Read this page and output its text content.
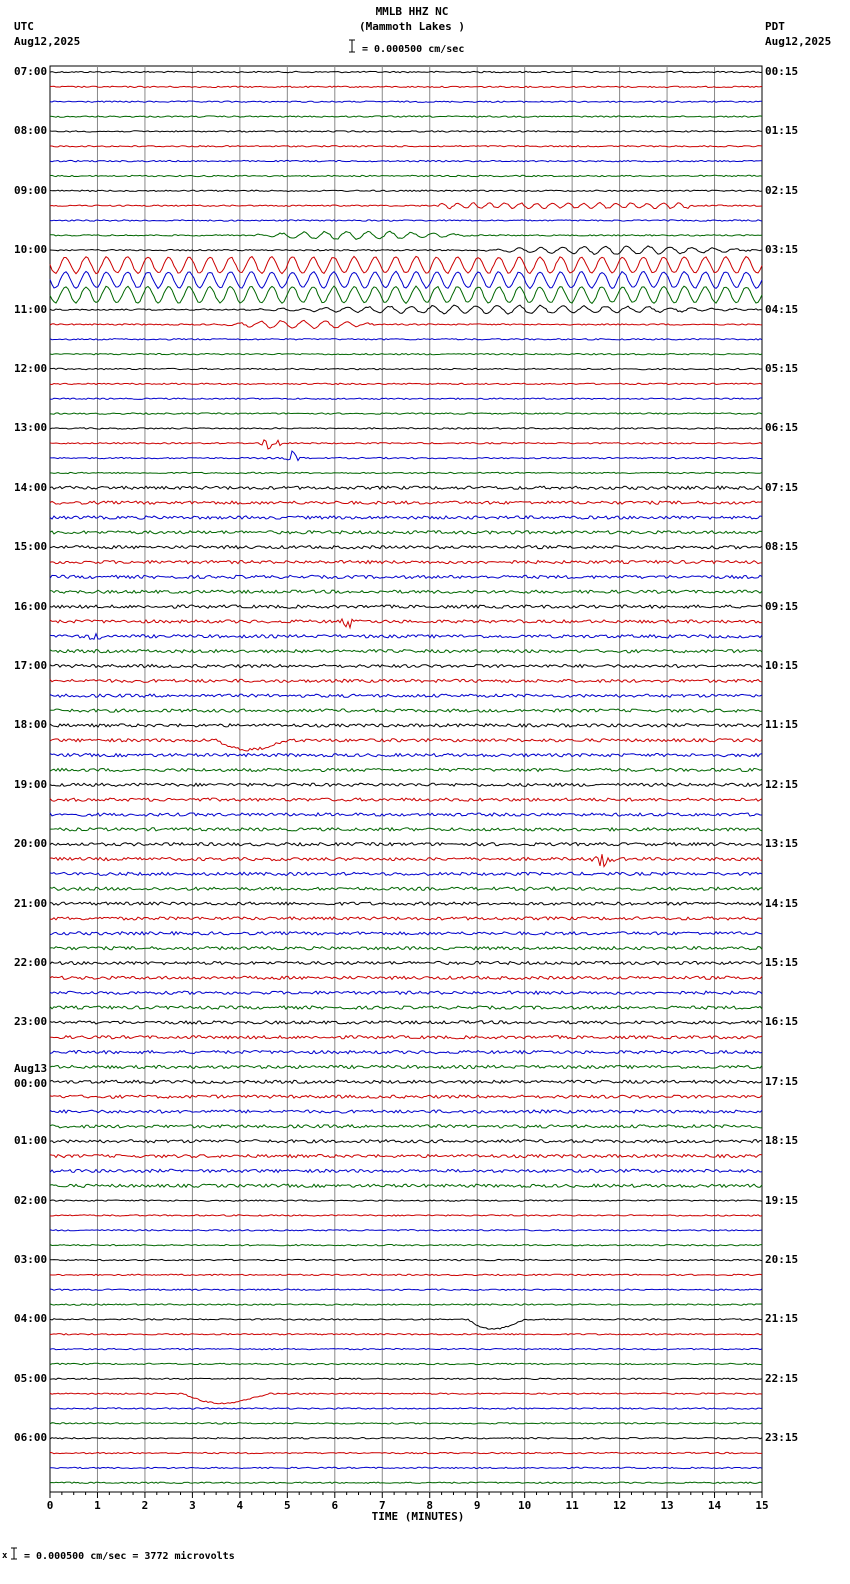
0	1	2	3	4	5	6	7	8	9	10	11	12	13	14	15
MMLB HHZ NC
(Mammoth Lakes )
= 0.000500 cm/sec
UTC
Aug12,2025
PDT
Aug12,2025
07:00
08:00
09:00
10:00
11:00
12:00
13:00
14:00
15:00
16:00
17:00
18:00
19:00
20:00
21:00
22:00
23:00
00:00
01:00
02:00
03:00
04:00
05:00
06:00
00:15
01:15
02:15
03:15
04:15
05:15
06:15
07:15
08:15
09:15
10:15
11:15
12:15
13:15
14:15
15:15
16:15
17:15
18:15
19:15
20:15
21:15
22:15
23:15
Aug13
TIME (MINUTES)
x = 0.000500 cm/sec = 3772 microvolts
